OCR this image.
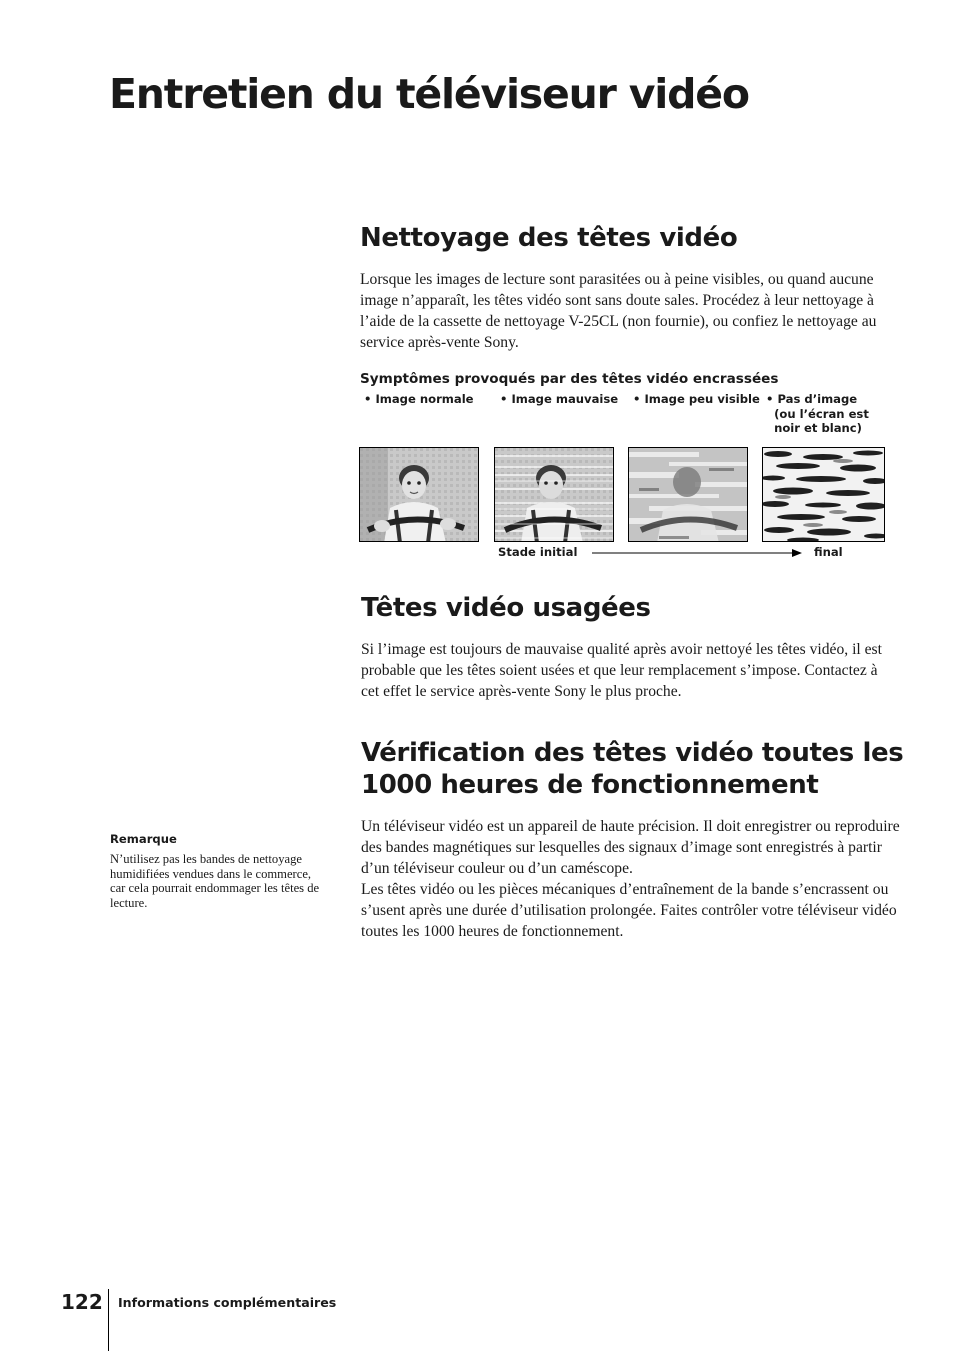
Entretien du téléviseur vidéo
Nettoyage des têtes vidéo

Lorsque les images de lecture sont parasitées ou à peine visibles, ou quand aucune image n’apparaît, les têtes vidéo sont sans doute sales. Procédez à leur nettoyage à l’aide de la cassette de nettoyage V-25CL (non fournie), ou confiez le nettoyage au service après-vente Sony.

Symptômes provoqués par des têtes vidéo encrassées

• Image normale • Image mauvaise • Image peu visible • Pas d’image
(ou l’écran est
noir et blanc)
Stade initial	final
Têtes vidéo usagées

Si l’image est toujours de mauvaise qualité après avoir nettoyé les têtes vidéo, il est probable que les têtes soient usées et que leur remplacement s’impose. Contactez à cet effet le service après-vente Sony le plus proche.

Vérification des têtes vidéo toutes les 1000 heures de fonctionnement

Un téléviseur vidéo est un appareil de haute précision. Il doit enregistrer ou reproduire des bandes magnétiques sur lesquelles des signaux d’image sont enregistrés à partir d’un téléviseur couleur ou d’un caméscope.

Les têtes vidéo ou les pièces mécaniques d’entraînement de la bande s’encrassent ou s’usent après une durée d’utilisation prolongée. Faites contrôler votre téléviseur vidéo toutes les 1000 heures de fonctionnement.

Remarque

N’utilisez pas les bandes de nettoyage humidifiées vendues dans le commerce, car cela pourrait endommager les têtes de lecture.

122 Informations complémentaires
